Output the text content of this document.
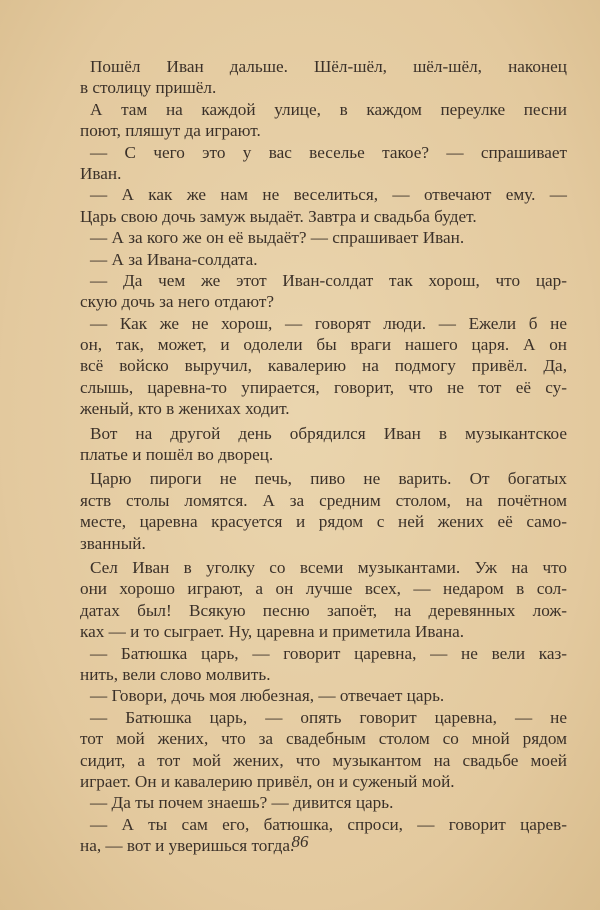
Пошёл Иван дальше. Шёл-шёл, шёл-шёл, наконец
в столицу пришёл.
А там на каждой улице, в каждом переулке песни
поют, пляшут да играют.
— С чего это у вас веселье такое? — спрашивает
Иван.
— А как же нам не веселиться, — отвечают ему. —
Царь свою дочь замуж выдаёт. Завтра и свадьба будет.
— А за кого же он её выдаёт? — спрашивает Иван.
— А за Ивана-солдата.
— Да чем же этот Иван-солдат так хорош, что цар-
скую дочь за него отдают?
— Как же не хорош, — говорят люди. — Ежели б не
он, так, может, и одолели бы враги нашего царя. А он
всё войско выручил, кавалерию на подмогу привёл. Да,
слышь, царевна-то упирается, говорит, что не тот её су-
женый, кто в женихах ходит.
Вот на другой день обрядился Иван в музыкантское
платье и пошёл во дворец.
Царю пироги не печь, пиво не варить. От богатых
яств столы ломятся. А за средним столом, на почётном
месте, царевна красуется и рядом с ней жених её само-
званный.
Сел Иван в уголку со всеми музыкантами. Уж на что
они хорошо играют, а он лучше всех, — недаром в сол-
датах был! Всякую песню запоёт, на деревянных лож-
ках — и то сыграет. Ну, царевна и приметила Ивана.
— Батюшка царь, — говорит царевна, — не вели каз-
нить, вели слово молвить.
— Говори, дочь моя любезная, — отвечает царь.
— Батюшка царь, — опять говорит царевна, — не
тот мой жених, что за свадебным столом со мной рядом
сидит, а тот мой жених, что музыкантом на свадьбе моей
играет. Он и кавалерию привёл, он и суженый мой.
— Да ты почем знаешь? — дивится царь.
— А ты сам его, батюшка, спроси, — говорит царев-
на, — вот и уверишься тогда.
86
